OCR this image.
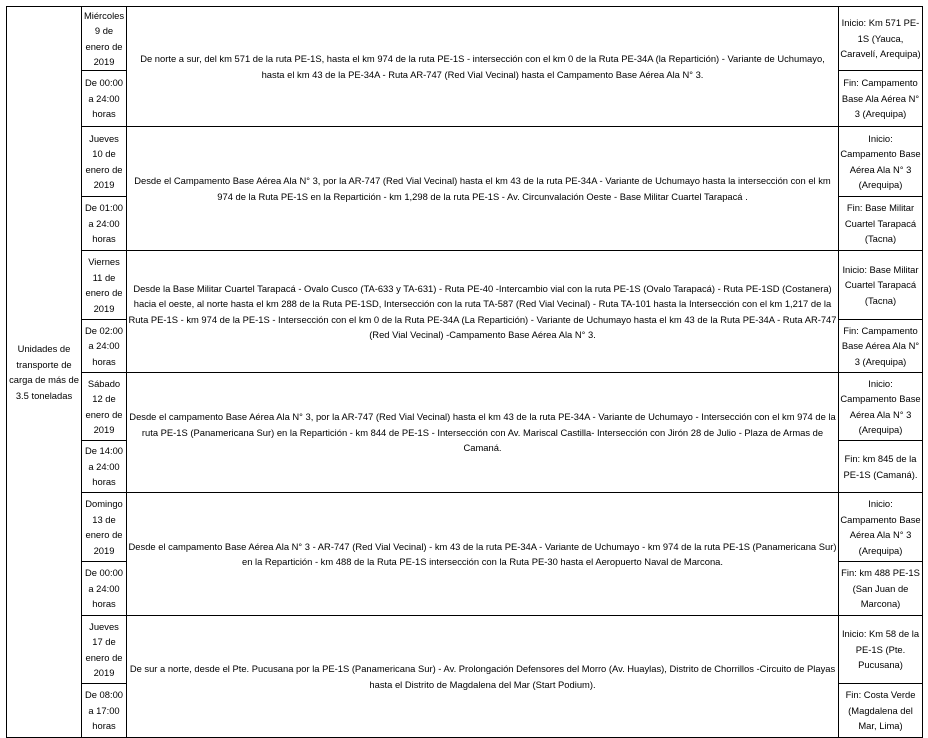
Unidades de transporte de carga de más de 3.5 toneladas	Miércoles 9 de enero de 2019	De norte a sur, del km 571 de la ruta PE-1S, hasta el km 974 de la ruta PE-1S - intersección con el km 0 de la Ruta PE-34A (la Repartición) - Variante de Uchumayo, hasta el km 43 de la PE-34A - Ruta AR-747 (Red Vial Vecinal) hasta el Campamento Base Aérea Ala N° 3.	Inicio: Km 571 PE-1S (Yauca, Caravelí, Arequipa)
	De 00:00 a 24:00 horas		Fin: Campamento Base Ala Aérea N° 3 (Arequipa)
	Jueves 10 de enero de 2019	Desde el Campamento Base Aérea Ala N° 3, por la AR-747 (Red Vial Vecinal) hasta el km 43 de la ruta PE-34A - Variante de Uchumayo hasta la intersección con el km 974 de la Ruta PE-1S en la Repartición - km 1,298 de la ruta PE-1S - Av. Circunvalación Oeste - Base Militar Cuartel Tarapacá .	Inicio: Campamento Base Aérea Ala N° 3 (Arequipa)
	De 01:00 a 24:00 horas		Fin: Base Militar Cuartel Tarapacá (Tacna)
	Viernes 11 de enero de 2019	Desde la Base Militar Cuartel Tarapacá - Ovalo Cusco (TA-633 y TA-631) - Ruta PE-40 -Intercambio vial con la ruta PE-1S (Ovalo Tarapacá) - Ruta PE-1SD (Costanera) hacia el oeste, al norte hasta el km 288 de la Ruta PE-1SD, Intersección con la ruta TA-587 (Red Vial Vecinal) - Ruta TA-101 hasta la Intersección con el km 1,217 de la Ruta PE-1S - km 974 de la PE-1S - Intersección con el km 0 de la Ruta PE-34A (La Repartición) - Variante de Uchumayo hasta el km 43 de la Ruta PE-34A - Ruta AR-747 (Red Vial Vecinal) -Campamento Base Aérea Ala N° 3.	Inicio: Base Militar Cuartel Tarapacá (Tacna)
	De 02:00 a 24:00 horas		Fin: Campamento Base Aérea Ala N° 3 (Arequipa)
	Sábado 12 de enero de 2019	Desde el campamento Base Aérea Ala N° 3, por la AR-747 (Red Vial Vecinal) hasta el km 43 de la ruta PE-34A - Variante de Uchumayo - Intersección con el km 974 de la ruta PE-1S (Panamericana Sur) en la Repartición - km 844 de PE-1S - Intersección con Av. Mariscal Castilla- Intersección con Jirón 28 de Julio - Plaza de Armas de Camaná.	Inicio: Campamento Base Aérea Ala N° 3 (Arequipa)
	De 14:00 a 24:00 horas		Fin: km 845 de la PE-1S (Camaná).
	Domingo 13 de enero de 2019	Desde el campamento Base Aérea Ala N° 3 - AR-747 (Red Vial Vecinal) - km 43 de la ruta PE-34A - Variante de Uchumayo - km 974 de la ruta PE-1S (Panamericana Sur) en la Repartición - km 488 de la Ruta PE-1S intersección con la Ruta PE-30 hasta el Aeropuerto Naval de Marcona.	Inicio: Campamento Base Aérea Ala N° 3 (Arequipa)
	De 00:00 a 24:00 horas		Fin: km 488 PE-1S (San Juan de Marcona)
	Jueves 17 de enero de 2019	De sur a norte, desde el Pte. Pucusana por la PE-1S (Panamericana Sur) - Av. Prolongación Defensores del Morro (Av. Huaylas), Distrito de Chorrillos -Circuito de Playas hasta el Distrito de Magdalena del Mar (Start Podium).	Inicio: Km 58 de la PE-1S (Pte. Pucusana)
	De 08:00 a 17:00 horas		Fin: Costa Verde (Magdalena del Mar, Lima)
